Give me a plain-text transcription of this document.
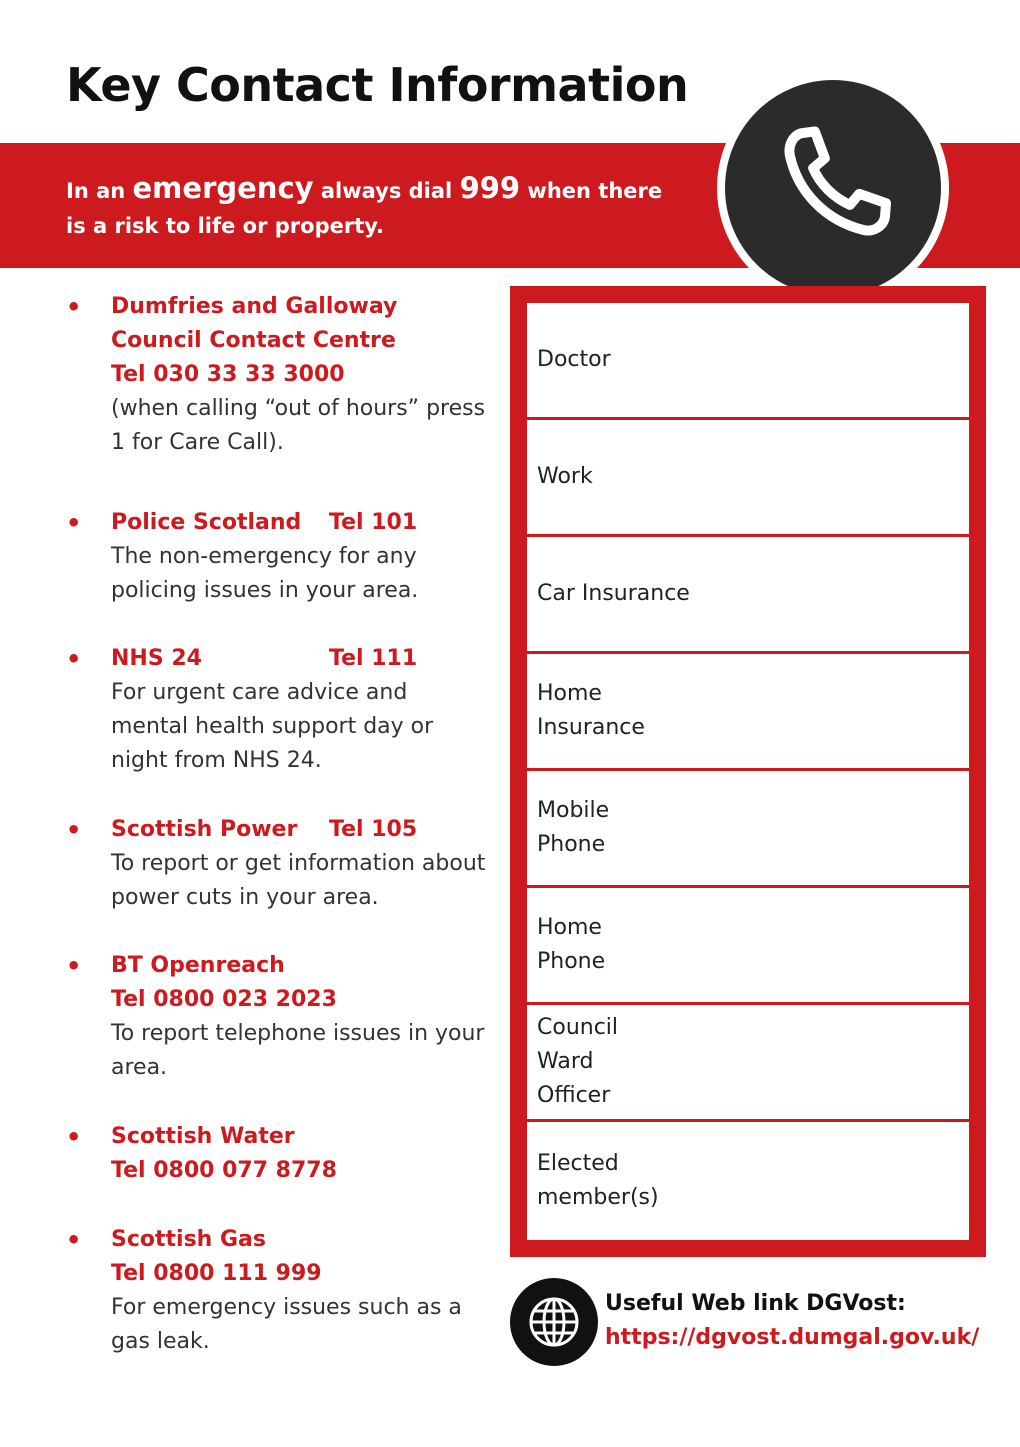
Key Contact Information
In an emergency always dial 999 when there is a risk to life or property.
• Dumfries and Galloway Council Contact Centre
Tel 030 33 33 3000
(when calling “out of hours” press 1 for Care Call).
• Police Scotland Tel 101
The non-emergency for any policing issues in your area.
• NHS 24	Tel 111
For urgent care advice and mental health support day or night from NHS 24.
• Scottish Power Tel 105
To report or get information about power cuts in your area.
• BT Openreach
Tel 0800 023 2023
To report telephone issues in your area.
• Scottish Water
Tel 0800 077 8778
• Scottish Gas
Tel 0800 111 999
For emergency issues such as a gas leak.
Doctor
Work
Car Insurance
Home Insurance
Mobile Phone
Home Phone
Council Ward Officer
Elected member(s)
Useful Web link DGVost:
https://dgvost.dumgal.gov.uk/
